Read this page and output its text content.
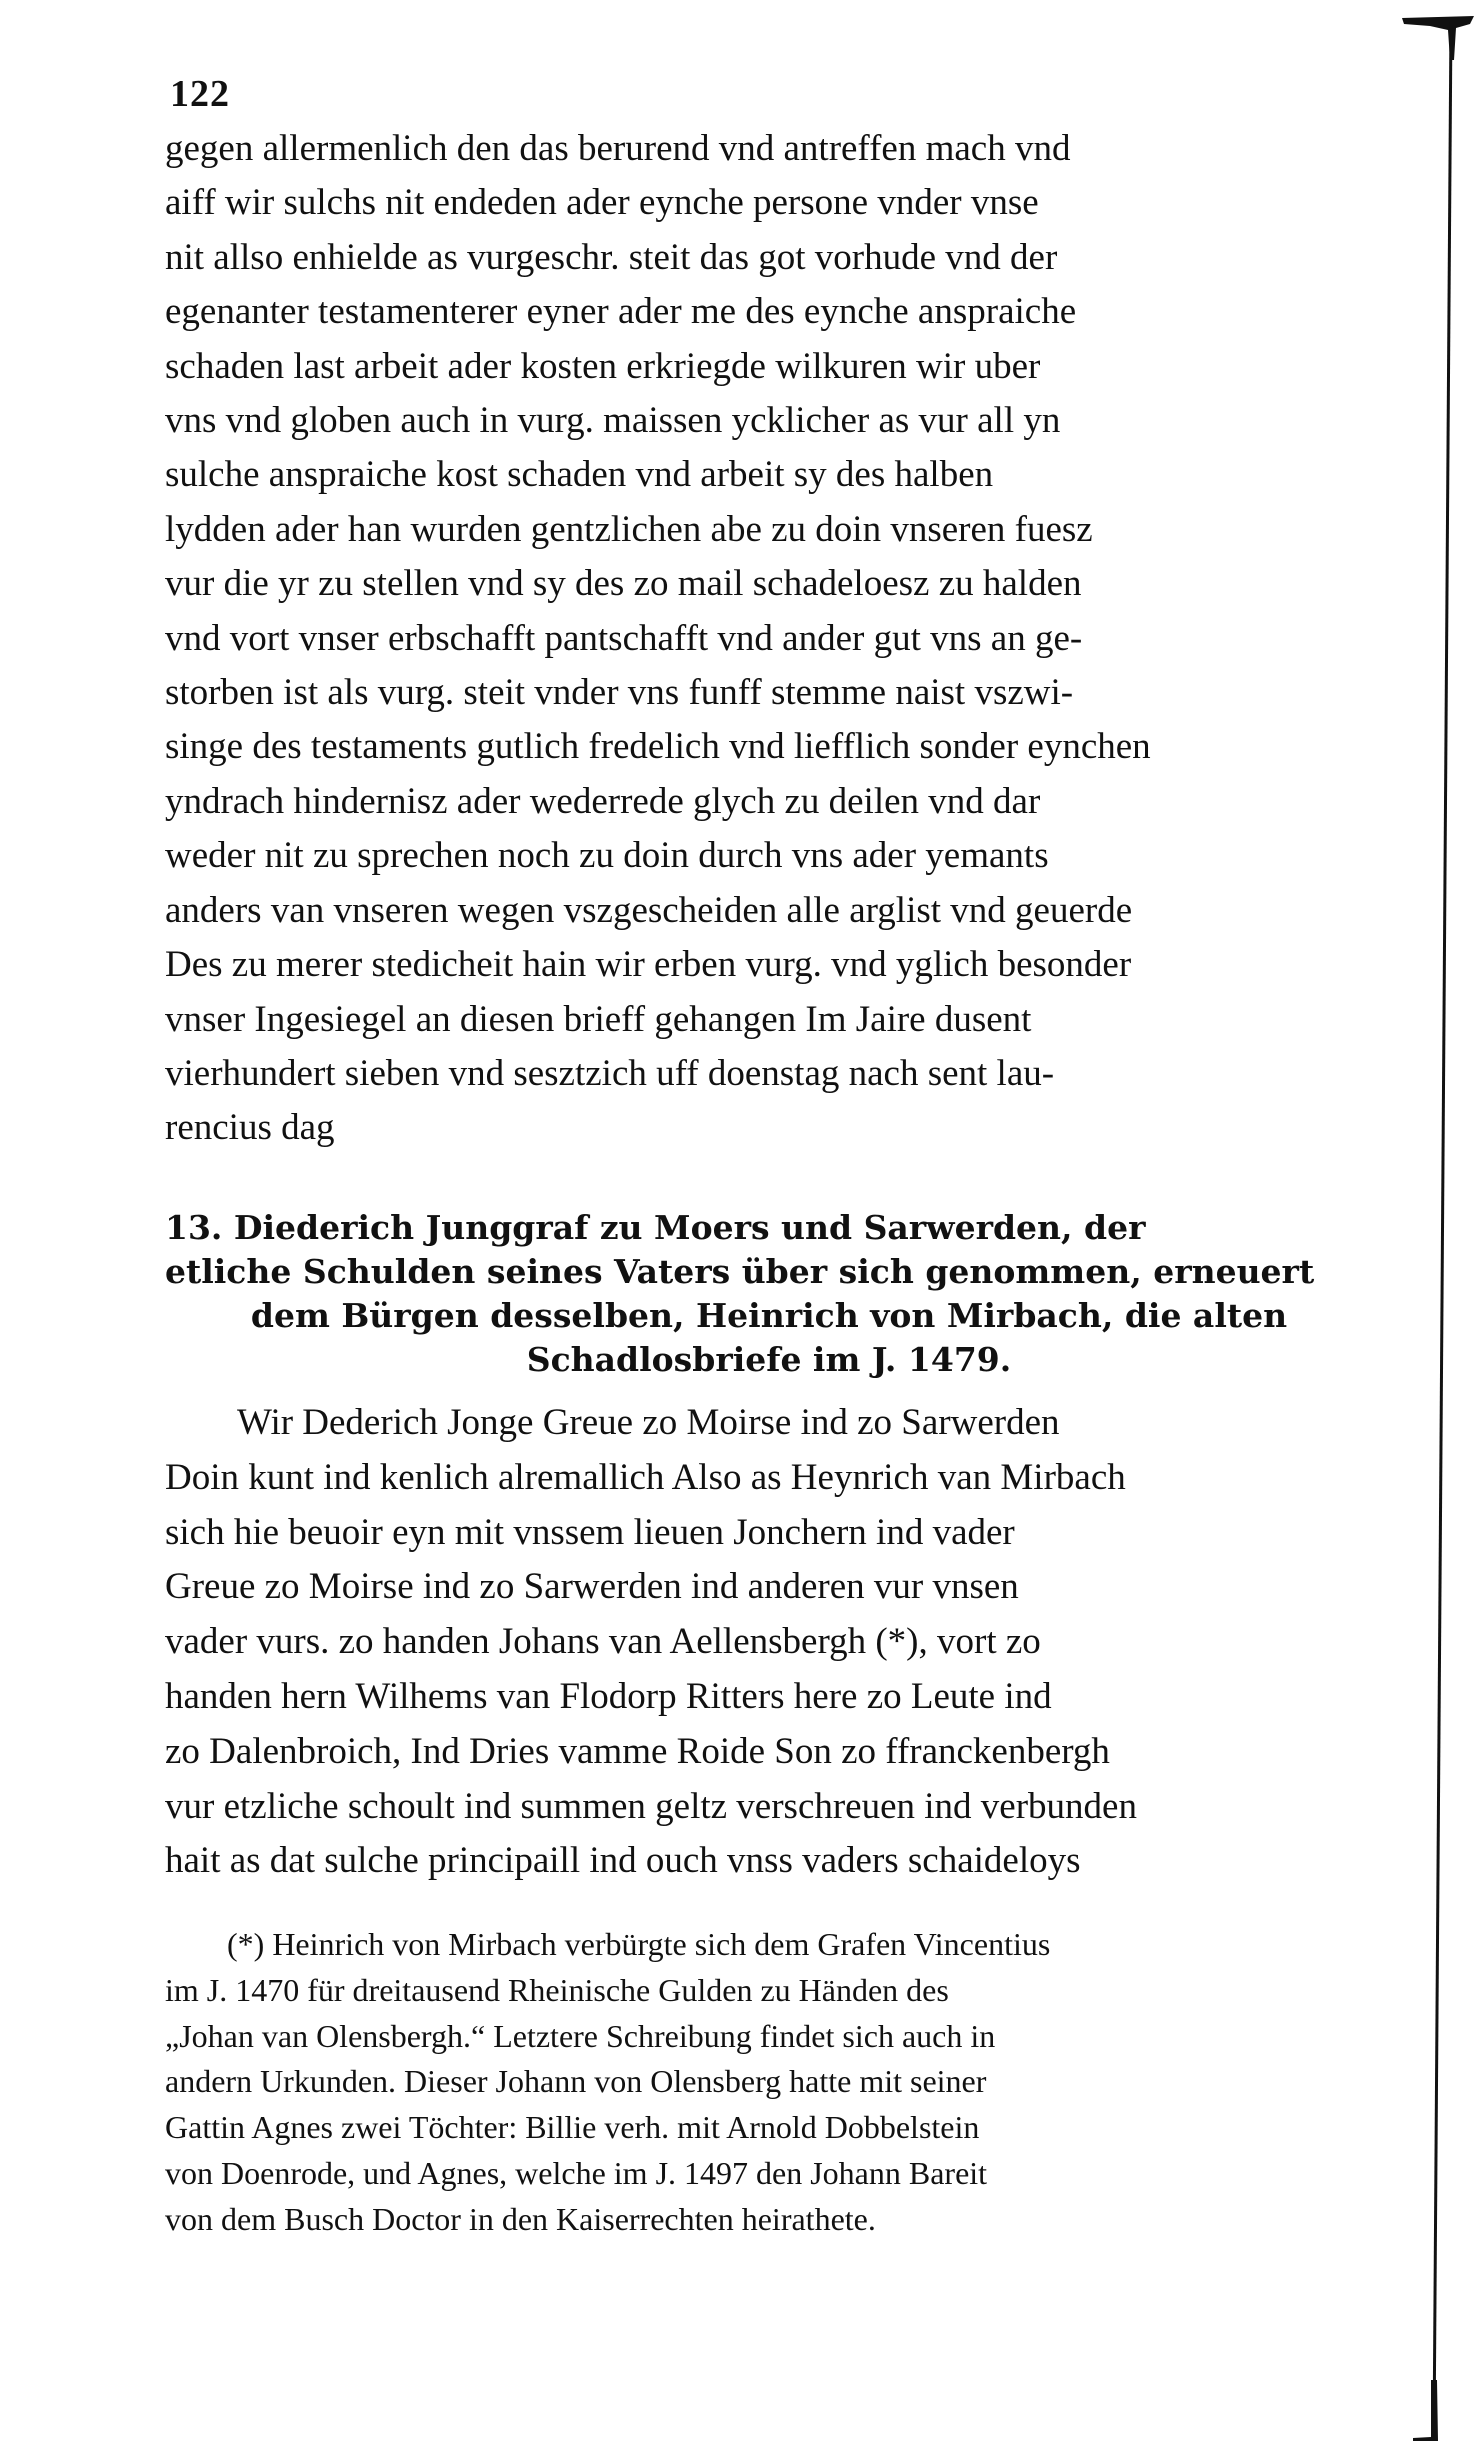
122
gegen allermenlich den das berurend vnd antreffen mach vnd
aiff wir sulchs nit endeden ader eynche persone vnder vnse
nit allso enhielde as vurgeschr. steit das got vorhude vnd der
egenanter testamenterer eyner ader me des eynche anspraiche
schaden last arbeit ader kosten erkriegde wilkuren wir uber
vns vnd globen auch in vurg. maissen ycklicher as vur all yn
sulche anspraiche kost schaden vnd arbeit sy des halben
lydden ader han wurden gentzlichen abe zu doin vnseren fuesz
vur die yr zu stellen vnd sy des zo mail schadeloesz zu halden
vnd vort vnser erbschafft pantschafft vnd ander gut vns an ge-
storben ist als vurg. steit vnder vns funff stemme naist vszwi-
singe des testaments gutlich fredelich vnd liefflich sonder eynchen
yndrach hindernisz ader wederrede glych zu deilen vnd dar
weder nit zu sprechen noch zu doin durch vns ader yemants
anders van vnseren wegen vszgescheiden alle arglist vnd geuerde
Des zu merer stedicheit hain wir erben vurg. vnd yglich besonder
vnser Ingesiegel an diesen brieff gehangen Im Jaire dusent
vierhundert sieben vnd sesztzich uff doenstag nach sent lau-
rencius dag
13. Diederich Junggraf zu Moers und Sarwerden, der
etliche Schulden seines Vaters über sich genommen, erneuert
dem Bürgen desselben, Heinrich von Mirbach, die alten
Schadlosbriefe im J. 1479.
Wir Dederich Jonge Greue zo Moirse ind zo Sarwerden
Doin kunt ind kenlich alremallich Also as Heynrich van Mirbach
sich hie beuoir eyn mit vnssem lieuen Jonchern ind vader
Greue zo Moirse ind zo Sarwerden ind anderen vur vnsen
vader vurs. zo handen Johans van Aellensbergh (*), vort zo
handen hern Wilhems van Flodorp Ritters here zo Leute ind
zo Dalenbroich, Ind Dries vamme Roide Son zo ffranckenbergh
vur etzliche schoult ind summen geltz verschreuen ind verbunden
hait as dat sulche principaill ind ouch vnss vaders schaideloys
(*) Heinrich von Mirbach verbürgte sich dem Grafen Vincentius
im J. 1470 für dreitausend Rheinische Gulden zu Händen des
„Johan van Olensbergh.“ Letztere Schreibung findet sich auch in
andern Urkunden. Dieser Johann von Olensberg hatte mit seiner
Gattin Agnes zwei Töchter: Billie verh. mit Arnold Dobbelstein
von Doenrode, und Agnes, welche im J. 1497 den Johann Bareit
von dem Busch Doctor in den Kaiserrechten heirathete.
